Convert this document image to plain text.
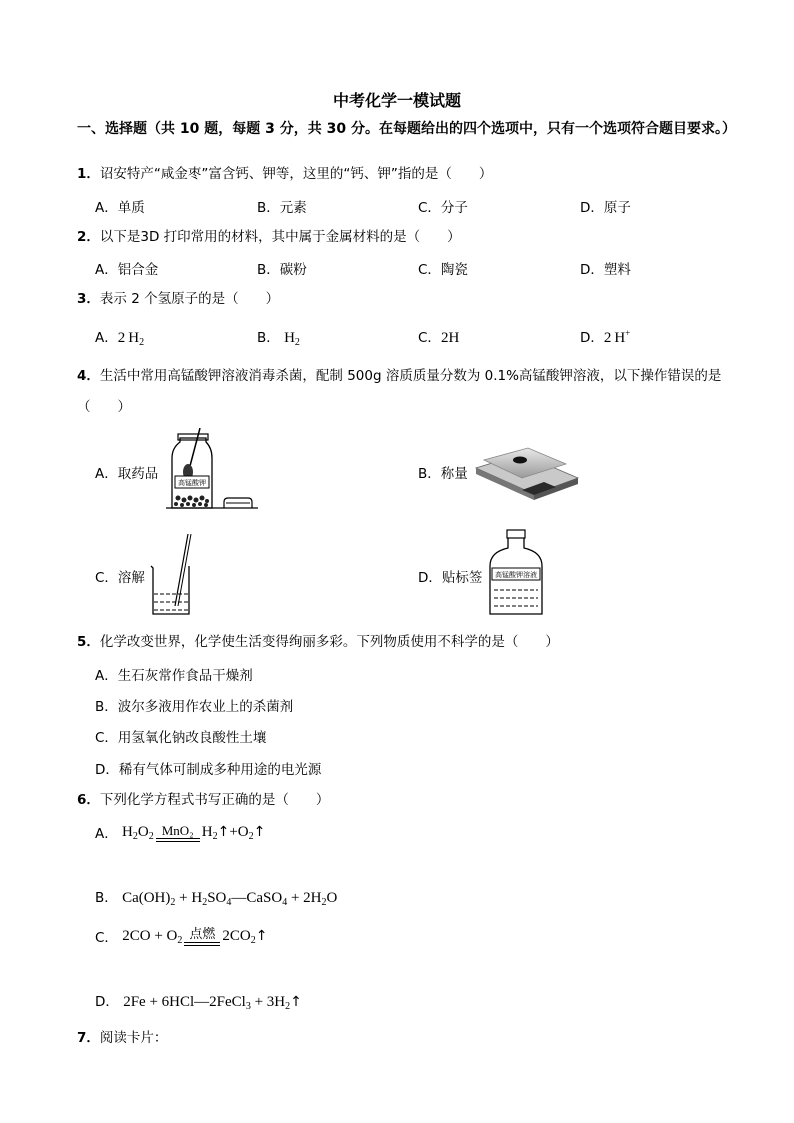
中考化学一模试题
一、选择题（共 10 题，每题 3 分，共 30 分。在每题给出的四个选项中，只有一个选项符合题目要求。）
1．诏安特产“咸金枣”富含钙、钾等，这里的“钙、钾”指的是（　　）
A．单质	B．元素	C．分子	D．原子
2．以下是3D 打印常用的材料，其中属于金属材料的是（　　）
A．铝合金	B．碳粉	C．陶瓷	D．塑料
3．表示 2 个氢原子的是（　　）
A．2  $H_2$	B． $H_2$	C．2H	D．2  H+
4．生活中常用高锰酸钾溶液消毒杀菌，配制 500g 溶质质量分数为 0.1%高锰酸钾溶液，以下操作错误的是（　　）
A．取药品
高锰酸钾
B．称量
C．溶解	D．贴标签 高锰酸钾溶液
5．化学改变世界，化学使生活变得绚丽多彩。下列物质使用不科学的是（　　）
A．生石灰常作食品干燥剂
B．波尔多液用作农业上的杀菌剂
C．用氢氧化钠改良酸性土壤
D．稀有气体可制成多种用途的电光源
6．下列化学方程式书写正确的是（　　）
A． $H_2O_2$ MnO₂ $H_2↑+O_2↑$
B． $Ca(OH)_2$ + $H_2SO_4—CaSO_4 + 2H_2O$
C． $2CO + O_2$ 点燃 $2CO_2↑$
D． 2Fe + 6HCl—2FeCl$_3$ + $3H_2↑$
7．阅读卡片：
